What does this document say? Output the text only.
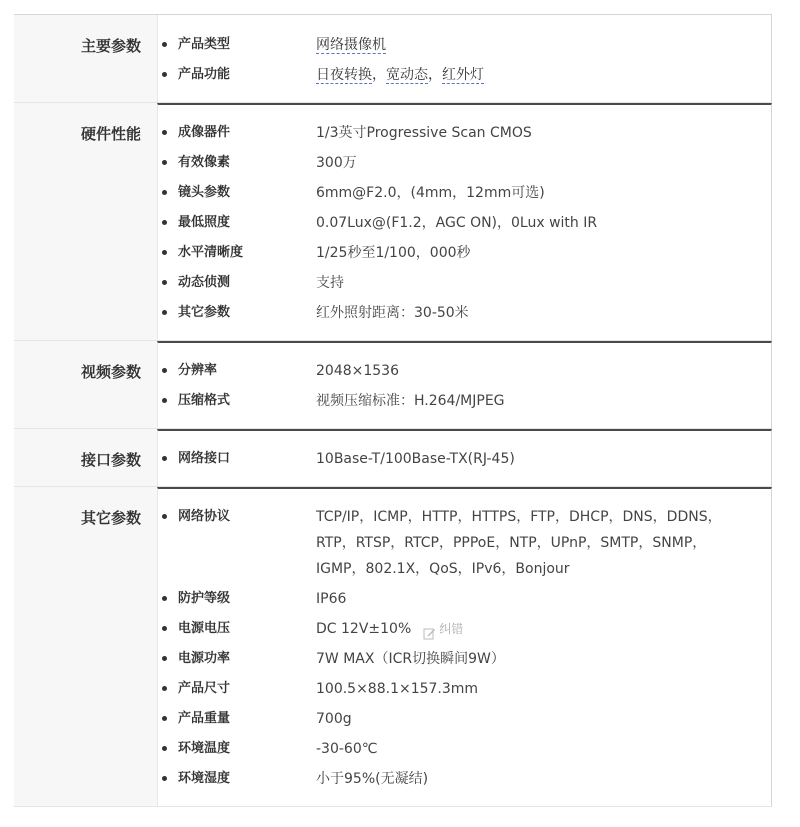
主要参数	产品类型	网络摄像机
产品功能	日夜转换，宽动态，红外灯
硬件性能	成像器件	1/3英寸Progressive Scan CMOS
有效像素	300万
镜头参数	6mm@F2.0，(4mm，12mm可选)
最低照度	0.07Lux@(F1.2，AGC ON)，0Lux with IR
水平清晰度	1/25秒至1/100，000秒
动态侦测	支持
其它参数	红外照射距离：30-50米
视频参数	分辨率	2048×1536
压缩格式	视频压缩标准：H.264/MJPEG
接口参数	网络接口	10Base-T/100Base-TX(RJ-45)
其它参数	网络协议	TCP/IP，ICMP，HTTP，HTTPS，FTP，DHCP，DNS，DDNS，RTP，RTSP，RTCP，PPPoE，NTP，UPnP，SMTP，SNMP，IGMP，802.1X，QoS，IPv6，Bonjour
防护等级	IP66
电源电压	DC 12V±10% 纠错
电源功率	7W MAX（ICR切换瞬间9W）
产品尺寸	100.5×88.1×157.3mm
产品重量	700g
环境温度	-30-60℃
环境湿度	小于95%(无凝结)
